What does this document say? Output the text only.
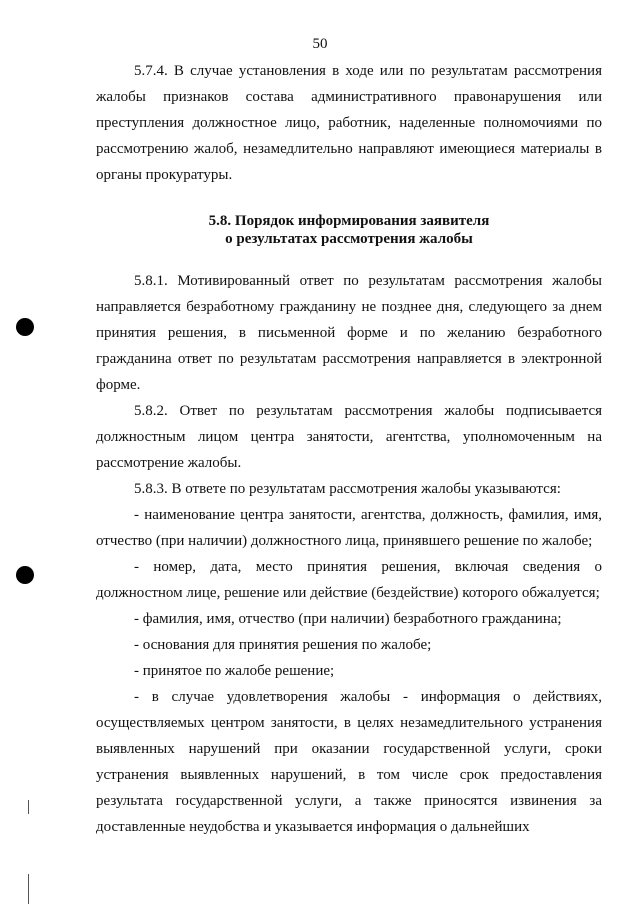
50

5.7.4. В случае установления в ходе или по результатам рассмотрения жалобы признаков состава административного правонарушения или преступления должностное лицо, работник, наделенные полномочиями по рассмотрению жалоб, незамедлительно направляют имеющиеся материалы в органы прокуратуры.

5.8. Порядок информирования заявителя
о результатах рассмотрения жалобы

5.8.1. Мотивированный ответ по результатам рассмотрения жалобы направляется безработному гражданину не позднее дня, следующего за днем принятия решения, в письменной форме и по желанию безработного гражданина ответ по результатам рассмотрения направляется в электронной форме.

5.8.2. Ответ по результатам рассмотрения жалобы подписывается должностным лицом центра занятости, агентства, уполномоченным на рассмотрение жалобы.

5.8.3. В ответе по результатам рассмотрения жалобы указываются:

- наименование центра занятости, агентства, должность, фамилия, имя, отчество (при наличии) должностного лица, принявшего решение по жалобе;

- номер, дата, место принятия решения, включая сведения о должностном лице, решение или действие (бездействие) которого обжалуется;

- фамилия, имя, отчество (при наличии) безработного гражданина;

- основания для принятия решения по жалобе;

- принятое по жалобе решение;

- в случае удовлетворения жалобы - информация о действиях, осуществляемых центром занятости, в целях незамедлительного устранения выявленных нарушений при оказании государственной услуги, сроки устранения выявленных нарушений, в том числе срок предоставления результата государственной услуги, а также приносятся извинения за доставленные неудобства и указывается информация о дальнейших
